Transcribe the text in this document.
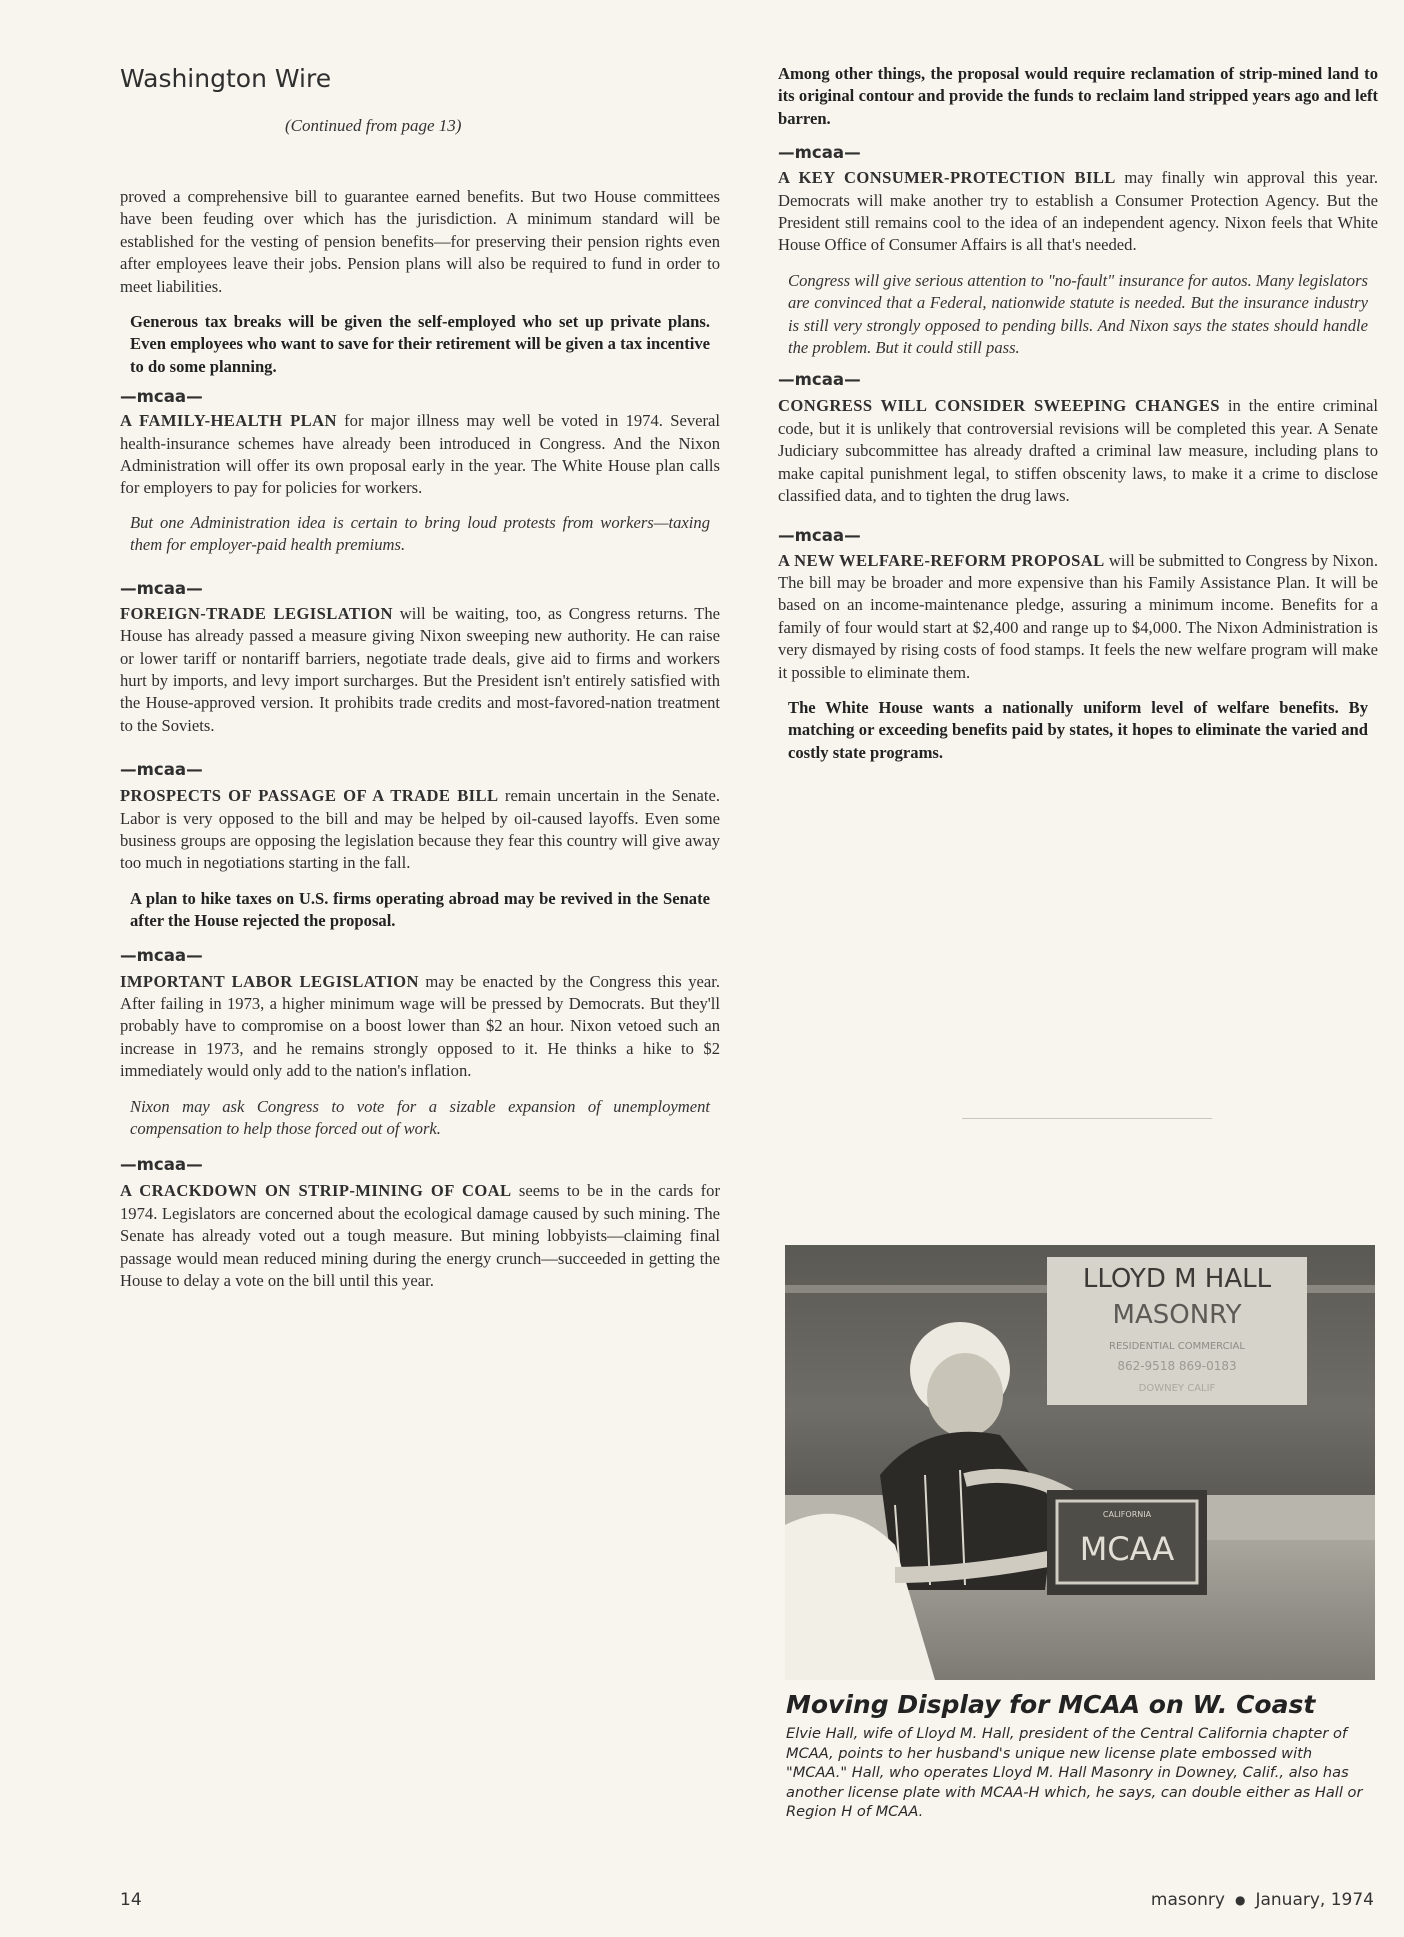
Washington Wire

(Continued from page 13)

proved a comprehensive bill to guarantee earned benefits. But two House committees have been feuding over which has the jurisdiction. A minimum standard will be established for the vesting of pension benefits—for preserving their pension rights even after employees leave their jobs. Pension plans will also be required to fund in order to meet liabilities.

Generous tax breaks will be given the self-employed who set up private plans. Even employees who want to save for their retirement will be given a tax incentive to do some planning.

—mcaa—

A FAMILY-HEALTH PLAN for major illness may well be voted in 1974. Several health-insurance schemes have already been introduced in Congress. And the Nixon Administration will offer its own proposal early in the year. The White House plan calls for employers to pay for policies for workers.

But one Administration idea is certain to bring loud protests from workers—taxing them for employer-paid health premiums.

—mcaa—

FOREIGN-TRADE LEGISLATION will be waiting, too, as Congress returns. The House has already passed a measure giving Nixon sweeping new authority. He can raise or lower tariff or nontariff barriers, negotiate trade deals, give aid to firms and workers hurt by imports, and levy import surcharges. But the President isn't entirely satisfied with the House-approved version. It prohibits trade credits and most-favored-nation treatment to the Soviets.

—mcaa—

PROSPECTS OF PASSAGE OF A TRADE BILL remain uncertain in the Senate. Labor is very opposed to the bill and may be helped by oil-caused layoffs. Even some business groups are opposing the legislation because they fear this country will give away too much in negotiations starting in the fall.

A plan to hike taxes on U.S. firms operating abroad may be revived in the Senate after the House rejected the proposal.

—mcaa—

IMPORTANT LABOR LEGISLATION may be enacted by the Congress this year. After failing in 1973, a higher minimum wage will be pressed by Democrats. But they'll probably have to compromise on a boost lower than $2 an hour. Nixon vetoed such an increase in 1973, and he remains strongly opposed to it. He thinks a hike to $2 immediately would only add to the nation's inflation.

Nixon may ask Congress to vote for a sizable expansion of unemployment compensation to help those forced out of work.

—mcaa—

A CRACKDOWN ON STRIP-MINING OF COAL seems to be in the cards for 1974. Legislators are concerned about the ecological damage caused by such mining. The Senate has already voted out a tough measure. But mining lobbyists—claiming final passage would mean reduced mining during the energy crunch—succeeded in getting the House to delay a vote on the bill until this year.

Among other things, the proposal would require reclamation of strip-mined land to its original contour and provide the funds to reclaim land stripped years ago and left barren.

—mcaa—

A KEY CONSUMER-PROTECTION BILL may finally win approval this year. Democrats will make another try to establish a Consumer Protection Agency. But the President still remains cool to the idea of an independent agency. Nixon feels that White House Office of Consumer Affairs is all that's needed.

Congress will give serious attention to "no-fault" insurance for autos. Many legislators are convinced that a Federal, nationwide statute is needed. But the insurance industry is still very strongly opposed to pending bills. And Nixon says the states should handle the problem. But it could still pass.

—mcaa—

CONGRESS WILL CONSIDER SWEEPING CHANGES in the entire criminal code, but it is unlikely that controversial revisions will be completed this year. A Senate Judiciary subcommittee has already drafted a criminal law measure, including plans to make capital punishment legal, to stiffen obscenity laws, to make it a crime to disclose classified data, and to tighten the drug laws.

—mcaa—

A NEW WELFARE-REFORM PROPOSAL will be submitted to Congress by Nixon. The bill may be broader and more expensive than his Family Assistance Plan. It will be based on an income-maintenance pledge, assuring a minimum income. Benefits for a family of four would start at $2,400 and range up to $4,000. The Nixon Administration is very dismayed by rising costs of food stamps. It feels the new welfare program will make it possible to eliminate them.

The White House wants a nationally uniform level of welfare benefits. By matching or exceeding benefits paid by states, it hopes to eliminate the varied and costly state programs.

LLOYD M HALL
MASONRY
RESIDENTIAL COMMERCIAL
862-9518 869-0183
DOWNEY CALIF
CALIFORNIA
MCAA
Moving Display for MCAA on W. Coast

Elvie Hall, wife of Lloyd M. Hall, president of the Central California chapter of MCAA, points to her husband's unique new license plate embossed with "MCAA." Hall, who operates Lloyd M. Hall Masonry in Downey, Calif., also has another license plate with MCAA-H which, he says, can double either as Hall or Region H of MCAA.

14	masonry ● January, 1974
